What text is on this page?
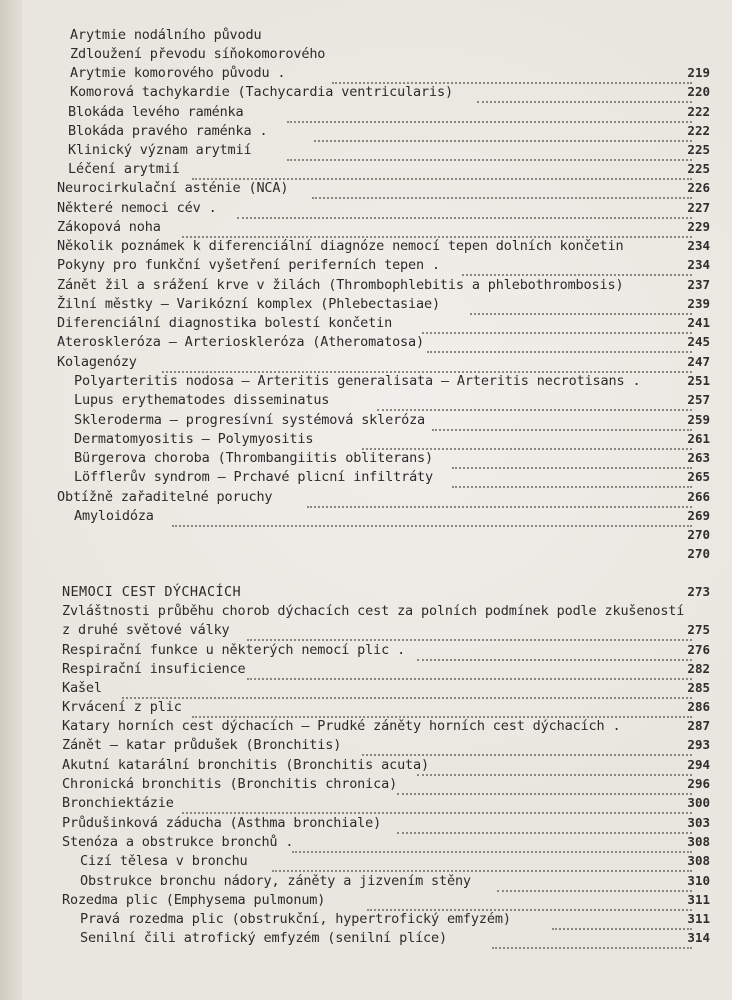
Arytmie nodálního původu
Zdloužení převodu síňokomorového
Arytmie komorového původu .	219
Komorová tachykardie (Tachycardia ventricularis)	220
Blokáda levého raménka	222
Blokáda pravého raménka .	222
Klinický význam arytmií	225
Léčení arytmií	225
Neurocirkulační asténie (NCA)	226
Některé nemoci cév .	227
Zákopová noha	229
Několik poznámek k diferenciální diagnóze nemocí tepen dolních končetin	234
Pokyny pro funkční vyšetření periferních tepen .	234
Zánět žil a srážení krve v žilách (Thrombophlebitis a phlebothrombosis)	237
Žilní městky — Varikózní komplex (Phlebectasiae)	239
Diferenciální diagnostika bolestí končetin	241
Ateroskleróza — Arterioskleróza (Atheromatosa)	245
Kolagenózy	247
Polyarteritis nodosa — Arteritis generalisata — Arteritis necrotisans .	251
Lupus erythematodes disseminatus	257
Skleroderma — progresívní systémová skleróza	259
Dermatomyositis — Polymyositis	261
Bürgerova choroba (Thrombangiitis obliterans)	263
Löfflerův syndrom — Prchavé plicní infiltráty	265
Obtížně zařaditelné poruchy	266
Amyloidóza	269
270
270
NEMOCI CEST DÝCHACÍCH	273
Zvláštnosti průběhu chorob dýchacích cest za polních podmínek podle zkušeností
z druhé světové války	275
Respirační funkce u některých nemocí plic .	276
Respirační insuficience	282
Kašel	285
Krvácení z plic	286
Katary horních cest dýchacích — Prudké záněty horních cest dýchacích .	287
Zánět — katar průdušek (Bronchitis)	293
Akutní katarální bronchitis (Bronchitis acuta)	294
Chronická bronchitis (Bronchitis chronica)	296
Bronchiektázie	300
Průdušinková záducha (Asthma bronchiale)	303
Stenóza a obstrukce bronchů .	308
Cizí tělesa v bronchu	308
Obstrukce bronchu nádory, záněty a jizvením stěny	310
Rozedma plic (Emphysema pulmonum)	311
Pravá rozedma plic (obstrukční, hypertrofický emfyzém)	311
Senilní čili atrofický emfyzém (senilní plíce)	314
